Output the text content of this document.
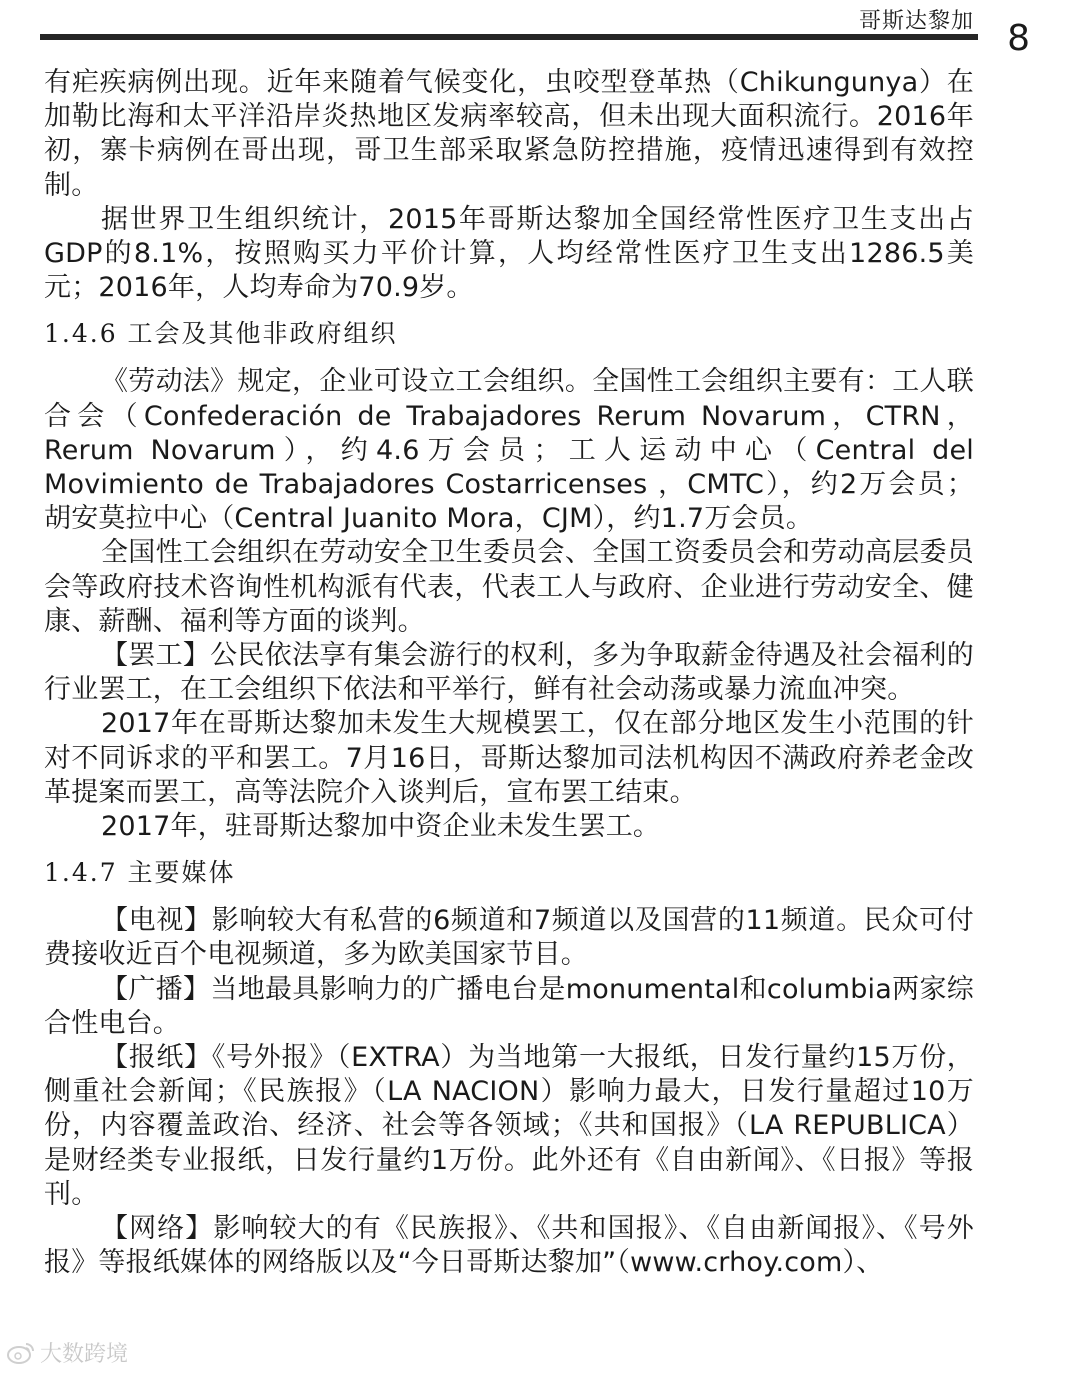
哥斯达黎加 8

有疟疾病例出现。近年来随着气候变化，虫咬型登革热（Chikungunya）在加勒比海和太平洋沿岸炎热地区发病率较高，但未出现大面积流行。2016年初，寨卡病例在哥出现，哥卫生部采取紧急防控措施，疫情迅速得到有效控制。

据世界卫生组织统计，2015年哥斯达黎加全国经常性医疗卫生支出占GDP的8.1%，按照购买力平价计算，人均经常性医疗卫生支出1286.5美元；2016年，人均寿命为70.9岁。

1.4.6 工会及其他非政府组织

《劳动法》规定，企业可设立工会组织。全国性工会组织主要有：工人联合会（Confederación de Trabajadores Rerum Novarum，CTRN，Rerum Novarum），约4.6万会员；工人运动中心（Central del Movimiento de Trabajadores Costarricenses ，CMTC），约2万会员；胡安莫拉中心（Central Juanito Mora，CJM），约1.7万会员。

全国性工会组织在劳动安全卫生委员会、全国工资委员会和劳动高层委员会等政府技术咨询性机构派有代表，代表工人与政府、企业进行劳动安全、健康、薪酬、福利等方面的谈判。

【罢工】公民依法享有集会游行的权利，多为争取薪金待遇及社会福利的行业罢工，在工会组织下依法和平举行，鲜有社会动荡或暴力流血冲突。

2017年在哥斯达黎加未发生大规模罢工，仅在部分地区发生小范围的针对不同诉求的平和罢工。7月16日，哥斯达黎加司法机构因不满政府养老金改革提案而罢工，高等法院介入谈判后，宣布罢工结束。

2017年，驻哥斯达黎加中资企业未发生罢工。

1.4.7 主要媒体

【电视】影响较大有私营的6频道和7频道以及国营的11频道。民众可付费接收近百个电视频道，多为欧美国家节目。

【广播】当地最具影响力的广播电台是monumental和columbia两家综合性电台。

【报纸】《号外报》（EXTRA）为当地第一大报纸，日发行量约15万份，侧重社会新闻；《民族报》（LA NACION）影响力最大，日发行量超过10万份，内容覆盖政治、经济、社会等各领域；《共和国报》（LA REPUBLICA）是财经类专业报纸，日发行量约1万份。此外还有《自由新闻》、《日报》等报刊。

【网络】影响较大的有《民族报》、《共和国报》、《自由新闻报》、《号外报》等报纸媒体的网络版以及“今日哥斯达黎加”（www.crhoy.com）、

大数跨境
